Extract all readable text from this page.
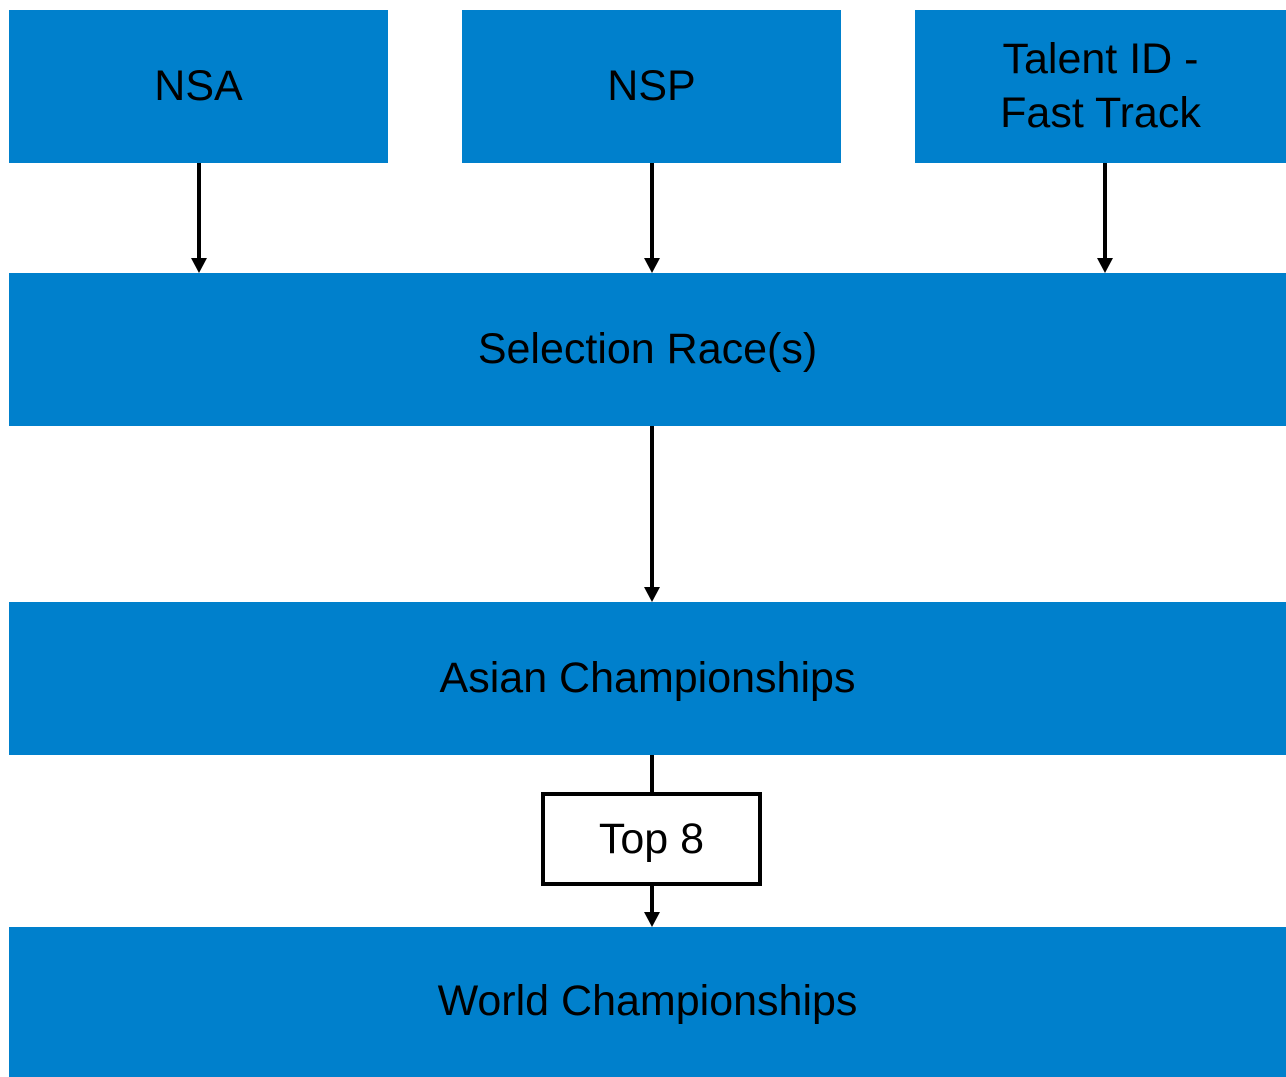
NSA	NSP
Talent ID -
Fast Track
Selection Race(s)
Asian Championships
World Championships
Top 8
